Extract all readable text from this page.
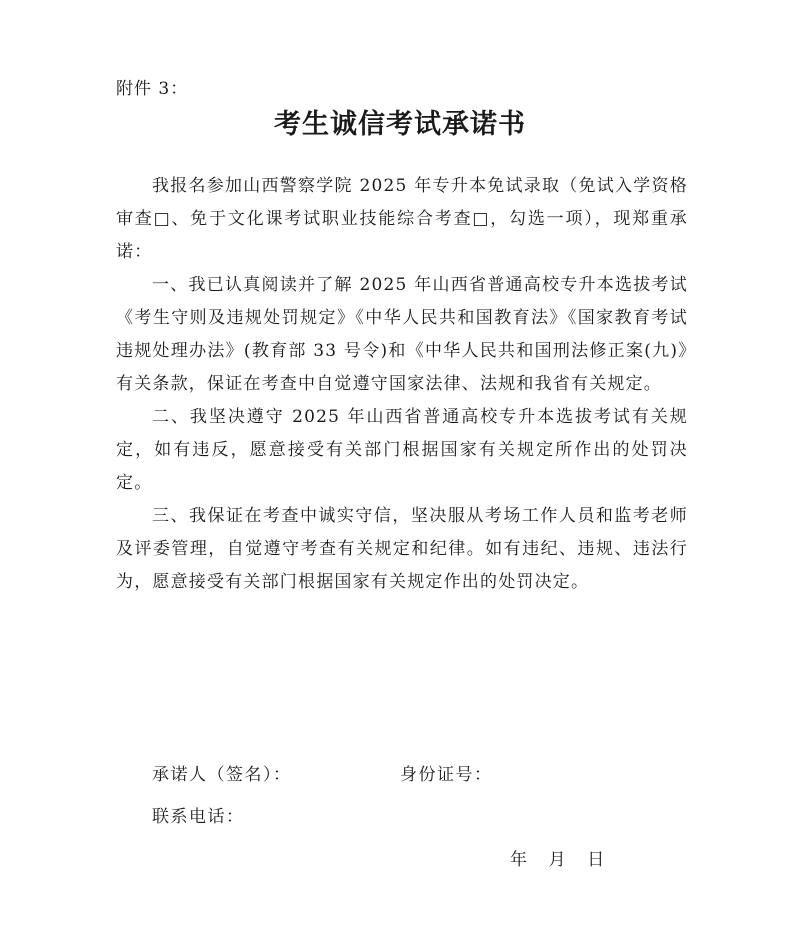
附件 3：
考生诚信考试承诺书

我报名参加山西警察学院 2025 年专升本免试录取（免试入学资格审查□、免于文化课考试职业技能综合考查□，勾选一项），现郑重承诺：

一、我已认真阅读并了解 2025 年山西省普通高校专升本选拔考试《考生守则及违规处罚规定》《中华人民共和国教育法》《国家教育考试违规处理办法》(教育部 33 号令)和《中华人民共和国刑法修正案(九)》有关条款，保证在考查中自觉遵守国家法律、法规和我省有关规定。

二、我坚决遵守 2025 年山西省普通高校专升本选拔考试有关规定，如有违反，愿意接受有关部门根据国家有关规定所作出的处罚决定。

三、我保证在考查中诚实守信，坚决服从考场工作人员和监考老师及评委管理，自觉遵守考查有关规定和纪律。如有违纪、违规、违法行为，愿意接受有关部门根据国家有关规定作出的处罚决定。

承诺人（签名）：	身份证号：
联系电话：
年    月    日
